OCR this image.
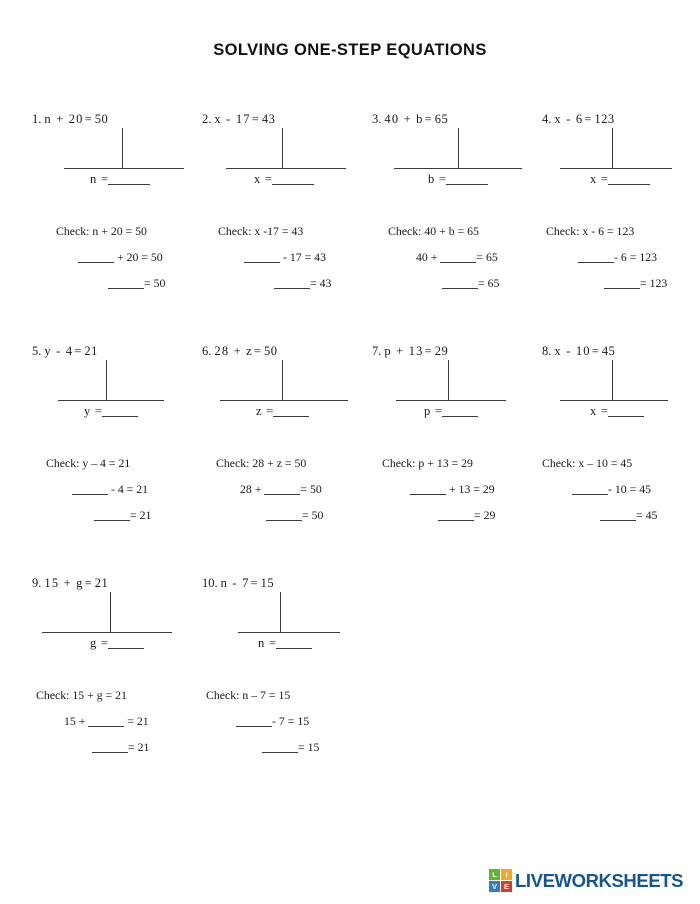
SOLVING ONE-STEP EQUATIONS
1. n + 20= 50
n =
Check: n + 20 = 50
+ 20 = 50
= 50
2. x - 17= 43
x =
Check: x -17 = 43
- 17 = 43
= 43
3. 40 + b= 65
b =
Check: 40 + b = 65
40 +	= 65
= 65
4. x - 6= 123
x =
Check: x - 6 = 123
- 6 = 123
= 123
5. y - 4= 21
y =
Check: y – 4 = 21
- 4 = 21
= 21
6. 28 + z= 50
z =
Check: 28 + z = 50
28 +	= 50
= 50
7. p + 13= 29
p =
Check: p + 13 = 29
+ 13 = 29
= 29
8. x - 10= 45
x =
Check: x – 10 = 45
- 10 = 45
= 45
9. 15 + g= 21
g =
Check: 15 + g = 21
15 +	= 21
= 21
10. n - 7= 15
n =
Check: n – 7 = 15
- 7 = 15
= 15
L	I
V E LIVEWORKSHEETS
